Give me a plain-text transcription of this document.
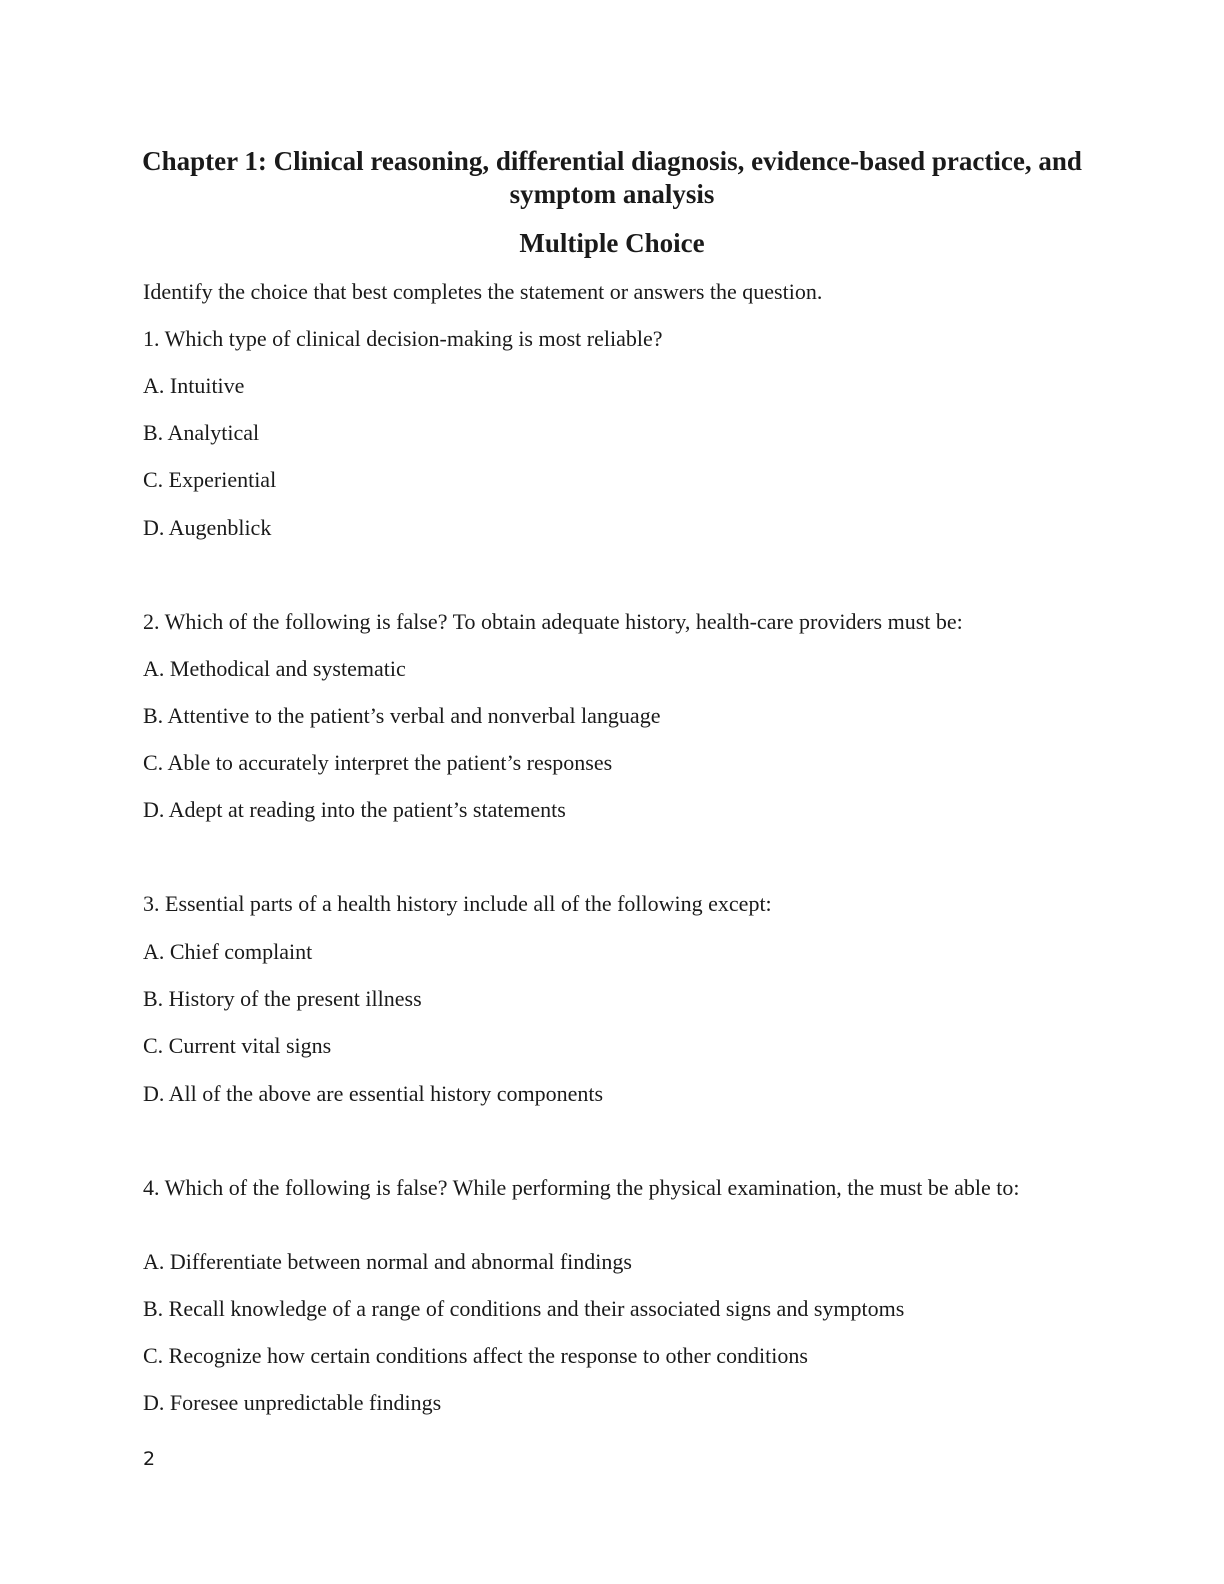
Chapter 1: Clinical reasoning, differential diagnosis, evidence-based practice, and symptom analysis
Multiple Choice

Identify the choice that best completes the statement or answers the question.

1. Which type of clinical decision-making is most reliable?

A. Intuitive

B. Analytical

C. Experiential

D. Augenblick

2. Which of the following is false? To obtain adequate history, health-care providers must be:

A. Methodical and systematic

B. Attentive to the patient’s verbal and nonverbal language

C. Able to accurately interpret the patient’s responses

D. Adept at reading into the patient’s statements

3. Essential parts of a health history include all of the following except:

A. Chief complaint

B. History of the present illness

C. Current vital signs

D. All of the above are essential history components

4. Which of the following is false? While performing the physical examination, the must be able to:

A. Differentiate between normal and abnormal findings

B. Recall knowledge of a range of conditions and their associated signs and symptoms

C. Recognize how certain conditions affect the response to other conditions

D. Foresee unpredictable findings

2
